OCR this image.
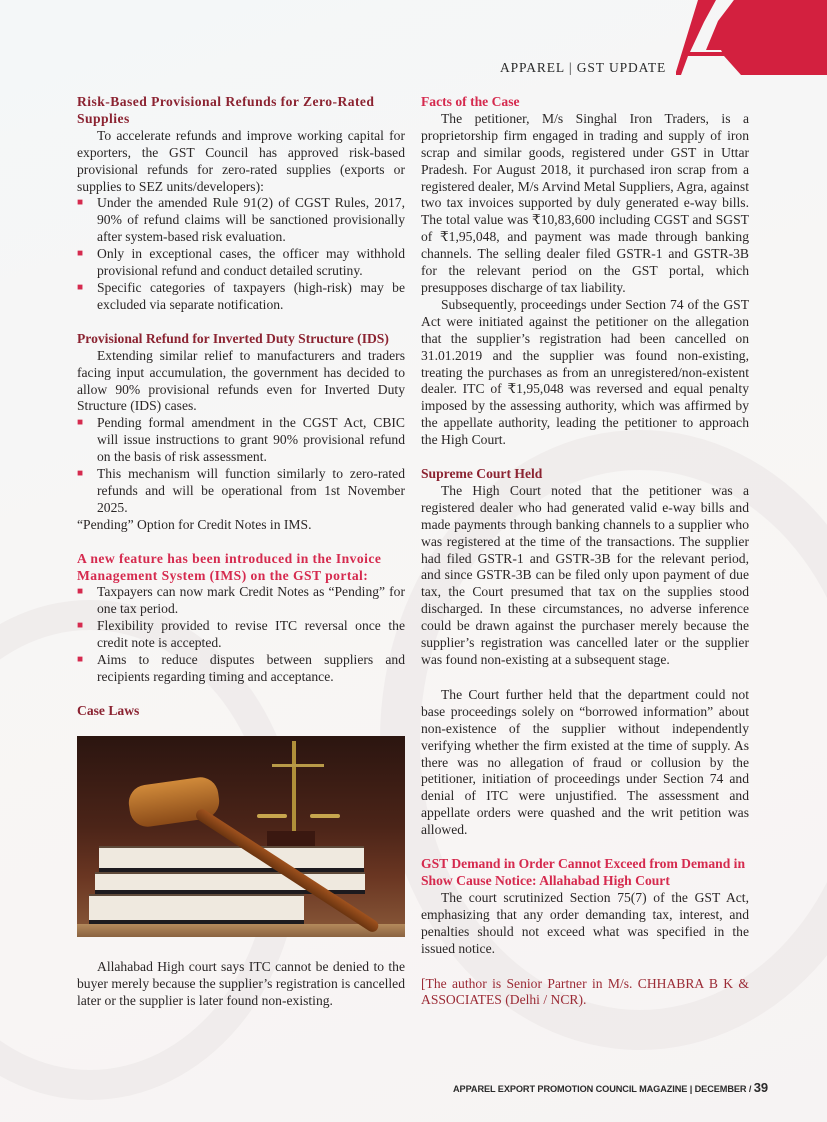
APPAREL | GST UPDATE
Risk-Based Provisional Refunds for Zero-Rated Supplies

To accelerate refunds and improve working capital for exporters, the GST Council has approved risk-based provisional refunds for zero-rated supplies (exports or supplies to SEZ units/developers):

■	Under the amended Rule 91(2) of CGST Rules, 2017, 90% of refund claims will be sanctioned provisionally after system-based risk evaluation.
■	Only in exceptional cases, the officer may withhold provisional refund and conduct detailed scrutiny.
■	Specific categories of taxpayers (high-risk) may be excluded via separate notification.
Provisional Refund for Inverted Duty Structure (IDS)

Extending similar relief to manufacturers and traders facing input accumulation, the government has decided to allow 90% provisional refunds even for Inverted Duty Structure (IDS) cases.

■	Pending formal amendment in the CGST Act, CBIC will issue instructions to grant 90% provisional refund on the basis of risk assessment.
■	This mechanism will function similarly to zero-rated refunds and will be operational from 1st November 2025.

“Pending” Option for Credit Notes in IMS.

A new feature has been introduced in the Invoice Management System (IMS) on the GST portal:
■	Taxpayers can now mark Credit Notes as “Pending” for one tax period.
■	Flexibility provided to revise ITC reversal once the credit note is accepted.
■	Aims to reduce disputes between suppliers and recipients regarding timing and acceptance.
Case Laws

Allahabad High court says ITC cannot be denied to the buyer merely because the supplier’s registration is cancelled later or the supplier is later found non-existing.

Facts of the Case

The petitioner, M/s Singhal Iron Traders, is a proprietorship firm engaged in trading and supply of iron scrap and similar goods, registered under GST in Uttar Pradesh. For August 2018, it purchased iron scrap from a registered dealer, M/s Arvind Metal Suppliers, Agra, against two tax invoices supported by duly generated e-way bills. The total value was ₹10,83,600 including CGST and SGST of ₹1,95,048, and payment was made through banking channels. The selling dealer filed GSTR-1 and GSTR-3B for the relevant period on the GST portal, which presupposes discharge of tax liability.

Subsequently, proceedings under Section 74 of the GST Act were initiated against the petitioner on the allegation that the supplier’s registration had been cancelled on 31.01.2019 and the supplier was found non-existing, treating the purchases as from an unregistered/non-existent dealer. ITC of ₹1,95,048 was reversed and equal penalty imposed by the assessing authority, which was affirmed by the appellate authority, leading the petitioner to approach the High Court.

Supreme Court Held

The High Court noted that the petitioner was a registered dealer who had generated valid e-way bills and made payments through banking channels to a supplier who was registered at the time of the transactions. The supplier had filed GSTR-1 and GSTR-3B for the relevant period, and since GSTR-3B can be filed only upon payment of due tax, the Court presumed that tax on the supplies stood discharged. In these circumstances, no adverse inference could be drawn against the purchaser merely because the supplier’s registration was cancelled later or the supplier was found non-existing at a subsequent stage.

The Court further held that the department could not base proceedings solely on “borrowed information” about non-existence of the supplier without independently verifying whether the firm existed at the time of supply. As there was no allegation of fraud or collusion by the petitioner, initiation of proceedings under Section 74 and denial of ITC were unjustified. The assessment and appellate orders were quashed and the writ petition was allowed.

GST Demand in Order Cannot Exceed from Demand in Show Cause Notice: Allahabad High Court

The court scrutinized Section 75(7) of the GST Act, emphasizing that any order demanding tax, interest, and penalties should not exceed what was specified in the issued notice.

[The author is Senior Partner in M/s. CHHABRA B K & ASSOCIATES (Delhi / NCR).

APPAREL EXPORT PROMOTION COUNCIL MAGAZINE | DECEMBER / 39
